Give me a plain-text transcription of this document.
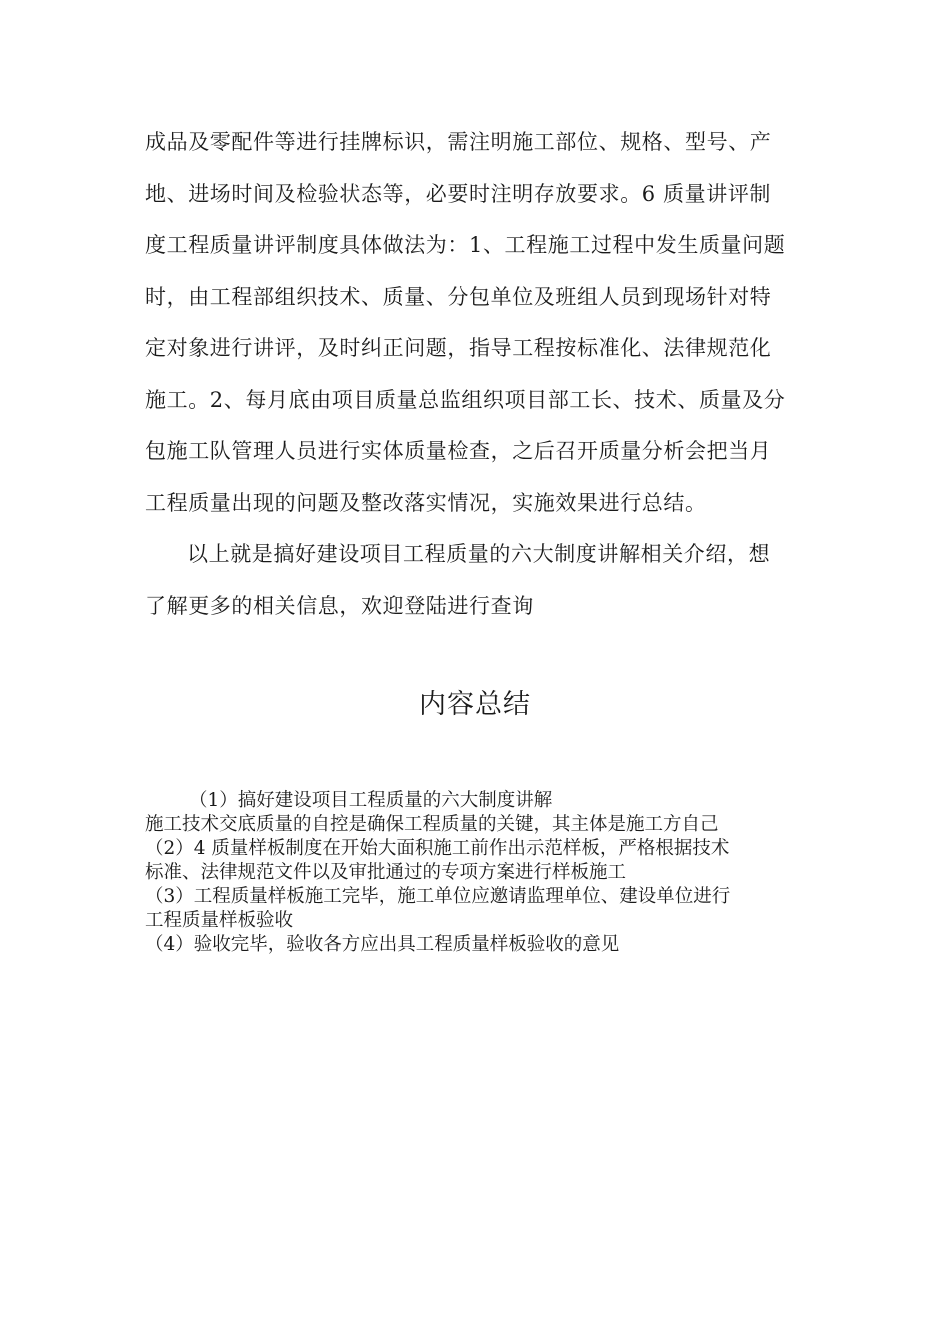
成品及零配件等进行挂牌标识，需注明施工部位、规格、型号、产
地、进场时间及检验状态等，必要时注明存放要求。6 质量讲评制
度工程质量讲评制度具体做法为：1、工程施工过程中发生质量问题
时，由工程部组织技术、质量、分包单位及班组人员到现场针对特
定对象进行讲评，及时纠正问题，指导工程按标准化、法律规范化
施工。2、每月底由项目质量总监组织项目部工长、技术、质量及分
包施工队管理人员进行实体质量检查，之后召开质量分析会把当月
工程质量出现的问题及整改落实情况，实施效果进行总结。
以上就是搞好建设项目工程质量的六大制度讲解相关介绍，想
了解更多的相关信息，欢迎登陆进行查询
内容总结
（1）搞好建设项目工程质量的六大制度讲解
施工技术交底质量的自控是确保工程质量的关键，其主体是施工方自己
（2）4 质量样板制度在开始大面积施工前作出示范样板，严格根据技术
标准、法律规范文件以及审批通过的专项方案进行样板施工
（3）工程质量样板施工完毕，施工单位应邀请监理单位、建设单位进行
工程质量样板验收
（4）验收完毕，验收各方应出具工程质量样板验收的意见
